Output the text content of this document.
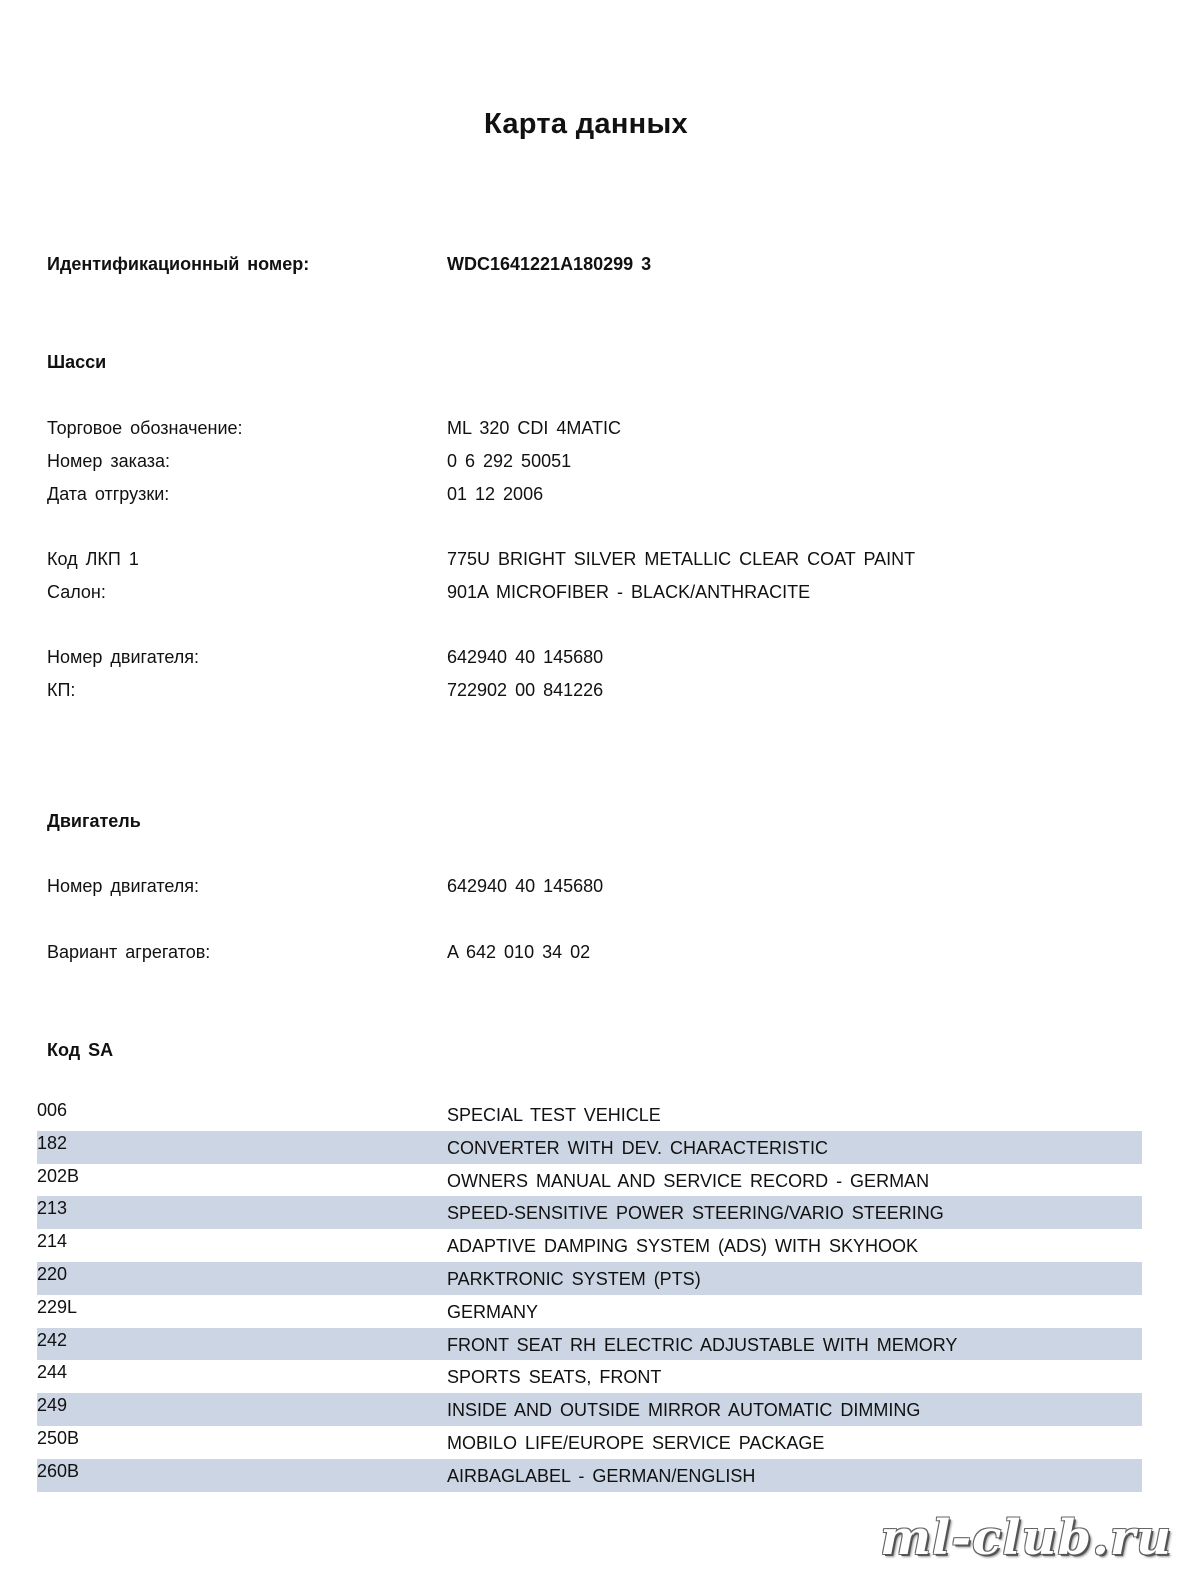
Карта данных
Идентификационный номер:	WDC1641221A180299 3
Шасси
Торговое обозначение:	ML 320 CDI 4MATIC
Номер заказа:	0 6 292 50051
Дата отгрузки:	01 12 2006
Код ЛКП 1	775U BRIGHT SILVER METALLIC CLEAR COAT PAINT
Салон:	901A MICROFIBER - BLACK/ANTHRACITE
Номер двигателя:	642940 40 145680
КП:	722902 00 841226
Двигатель
Номер двигателя:	642940 40 145680
Вариант агрегатов:	A 642 010 34 02
Код SA
006	SPECIAL TEST VEHICLE
182	CONVERTER WITH DEV. CHARACTERISTIC
202B	OWNERS MANUAL AND SERVICE RECORD - GERMAN
213	SPEED-SENSITIVE POWER STEERING/VARIO STEERING
214	ADAPTIVE DAMPING SYSTEM (ADS) WITH SKYHOOK
220	PARKTRONIC SYSTEM (PTS)
229L	GERMANY
242	FRONT SEAT RH ELECTRIC ADJUSTABLE WITH MEMORY
244	SPORTS SEATS, FRONT
249	INSIDE AND OUTSIDE MIRROR AUTOMATIC DIMMING
250B	MOBILO LIFE/EUROPE SERVICE PACKAGE
260B	AIRBAGLABEL - GERMAN/ENGLISH
ml-club.ru
